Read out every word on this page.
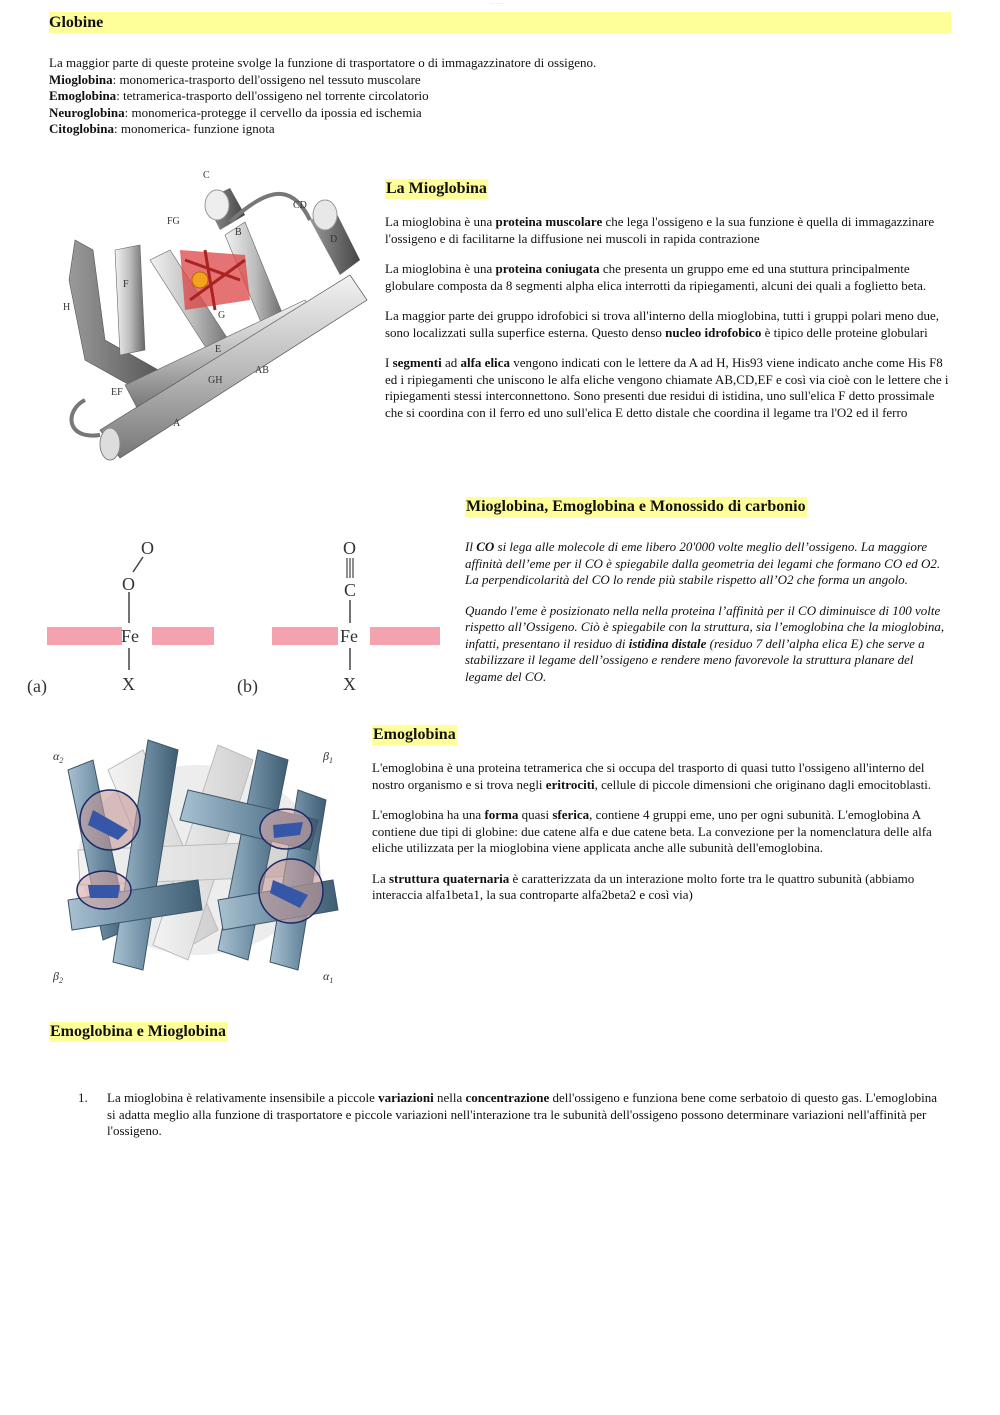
— — —
Globine

La maggior parte di queste proteine svolge la funzione di trasportatore o di immagazzinatore di ossigeno.

Mioglobina: monomerica-trasporto dell'ossigeno nel tessuto muscolare

Emoglobina: tetramerica-trasporto dell'ossigeno nel torrente circolatorio

Neuroglobina: monomerica-protegge il cervello da ipossia ed ischemia

Citoglobina: monomerica- funzione ignota

C
CD
FG
B
D
F
H
G
E
GH
AB
EF
A
La Mioglobina

La mioglobina è una proteina muscolare che lega l'ossigeno e la sua funzione è quella di immagazzinare l'ossigeno e di facilitarne la diffusione nei muscoli in rapida contrazione

La mioglobina è una proteina coniugata che presenta un gruppo eme ed una stuttura principalmente globulare composta da 8 segmenti alpha elica interrotti da ripiegamenti, alcuni dei quali a foglietto beta.

La maggior parte dei gruppo idrofobici si trova all'interno della mioglobina, tutti i gruppi polari meno due, sono localizzati sulla superfice esterna. Questo denso nucleo idrofobico è tipico delle proteine globulari

I segmenti ad alfa elica vengono indicati con le lettere da A ad H, His93 viene indicato anche come His F8 ed i ripiegamenti che uniscono le alfa eliche vengono chiamate AB,CD,EF e così via cioè con le lettere che i ripiegamenti stessi interconnettono. Sono presenti due residui di istidina, uno sull'elica F detto prossimale che si coordina con il ferro ed uno sull'elica E detto distale che coordina il legame tra l'O2 ed il ferro

Fe
O
O
X
(a)
Fe
C
O
X
(b)
Mioglobina, Emoglobina e Monossido di carbonio

Il CO si lega alle molecole di eme libero 20'000 volte meglio dell’ossigeno. La maggiore affinità dell’eme per il CO è spiegabile dalla geometria dei legami che formano CO ed O2. La perpendicolarità del CO lo rende più stabile rispetto all’O2 che forma un angolo.

Quando l'eme è posizionato nella nella proteina l’affinità per il CO diminuisce di 100 volte rispetto all’Ossigeno. Ciò è spiegabile con la struttura, sia l’emoglobina che la mioglobina, infatti, presentano il residuo di istidina distale (residuo 7 dell’alpha elica E) che serve a stabilizzare il legame dell’ossigeno e rendere meno favorevole la struttura planare del legame del CO.

$\alpha_2$	$\beta_1$
$\beta_2$	$\alpha_1$
Emoglobina

L'emoglobina è una proteina tetramerica che si occupa del trasporto di quasi tutto l'ossigeno all'interno del nostro organismo e si trova negli eritrociti, cellule di piccole dimensioni che originano dagli emocitoblasti.

L'emoglobina ha una forma quasi sferica, contiene 4 gruppi eme, uno per ogni subunità. L'emoglobina A contiene due tipi di globine: due catene alfa e due catene beta. La convezione per la nomenclatura delle alfa eliche utilizzata per la mioglobina viene applicata anche alle subunità dell'emoglobina.

La struttura quaternaria è caratterizzata da un interazione molto forte tra le quattro subunità (abbiamo interaccia alfa1beta1, la sua controparte alfa2beta2 e così via)

Emoglobina e Mioglobina
1.	La mioglobina è relativamente insensibile a piccole variazioni nella concentrazione dell'ossigeno e funziona bene come serbatoio di questo gas. L'emoglobina si adatta meglio alla funzione di trasportatore e piccole variazioni nell'interazione tra le subunità dell'ossigeno possono determinare variazioni nell'affinità per l'ossigeno.
